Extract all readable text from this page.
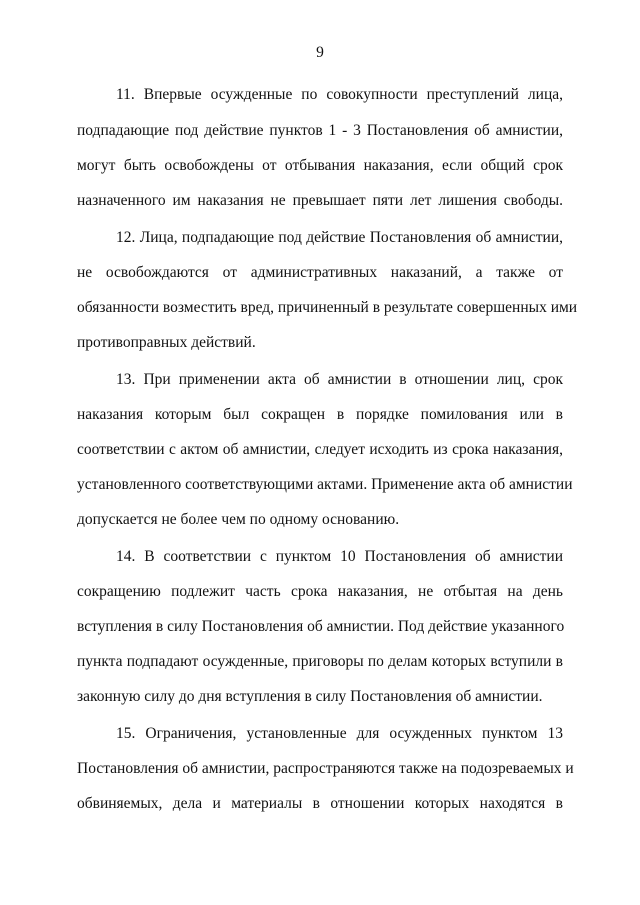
9
11. Впервые осужденные по совокупности преступлений лица,
подпадающие под действие пунктов 1 - 3 Постановления об амнистии,
могут быть освобождены от отбывания наказания, если общий срок
назначенного им наказания не превышает пяти лет лишения свободы.
12. Лица, подпадающие под действие Постановления об амнистии,
не освобождаются от административных наказаний, а также от
обязанности возместить вред, причиненный в результате совершенных ими
противоправных действий.
13. При применении акта об амнистии в отношении лиц, срок
наказания которым был сокращен в порядке помилования или в
соответствии с актом об амнистии, следует исходить из срока наказания,
установленного соответствующими актами. Применение акта об амнистии
допускается не более чем по одному основанию.
14. В соответствии с пунктом 10 Постановления об амнистии
сокращению подлежит часть срока наказания, не отбытая на день
вступления в силу Постановления об амнистии. Под действие указанного
пункта подпадают осужденные, приговоры по делам которых вступили в
законную силу до дня вступления в силу Постановления об амнистии.
15. Ограничения, установленные для осужденных пунктом 13
Постановления об амнистии, распространяются также на подозреваемых и
обвиняемых, дела и материалы в отношении которых находятся в
